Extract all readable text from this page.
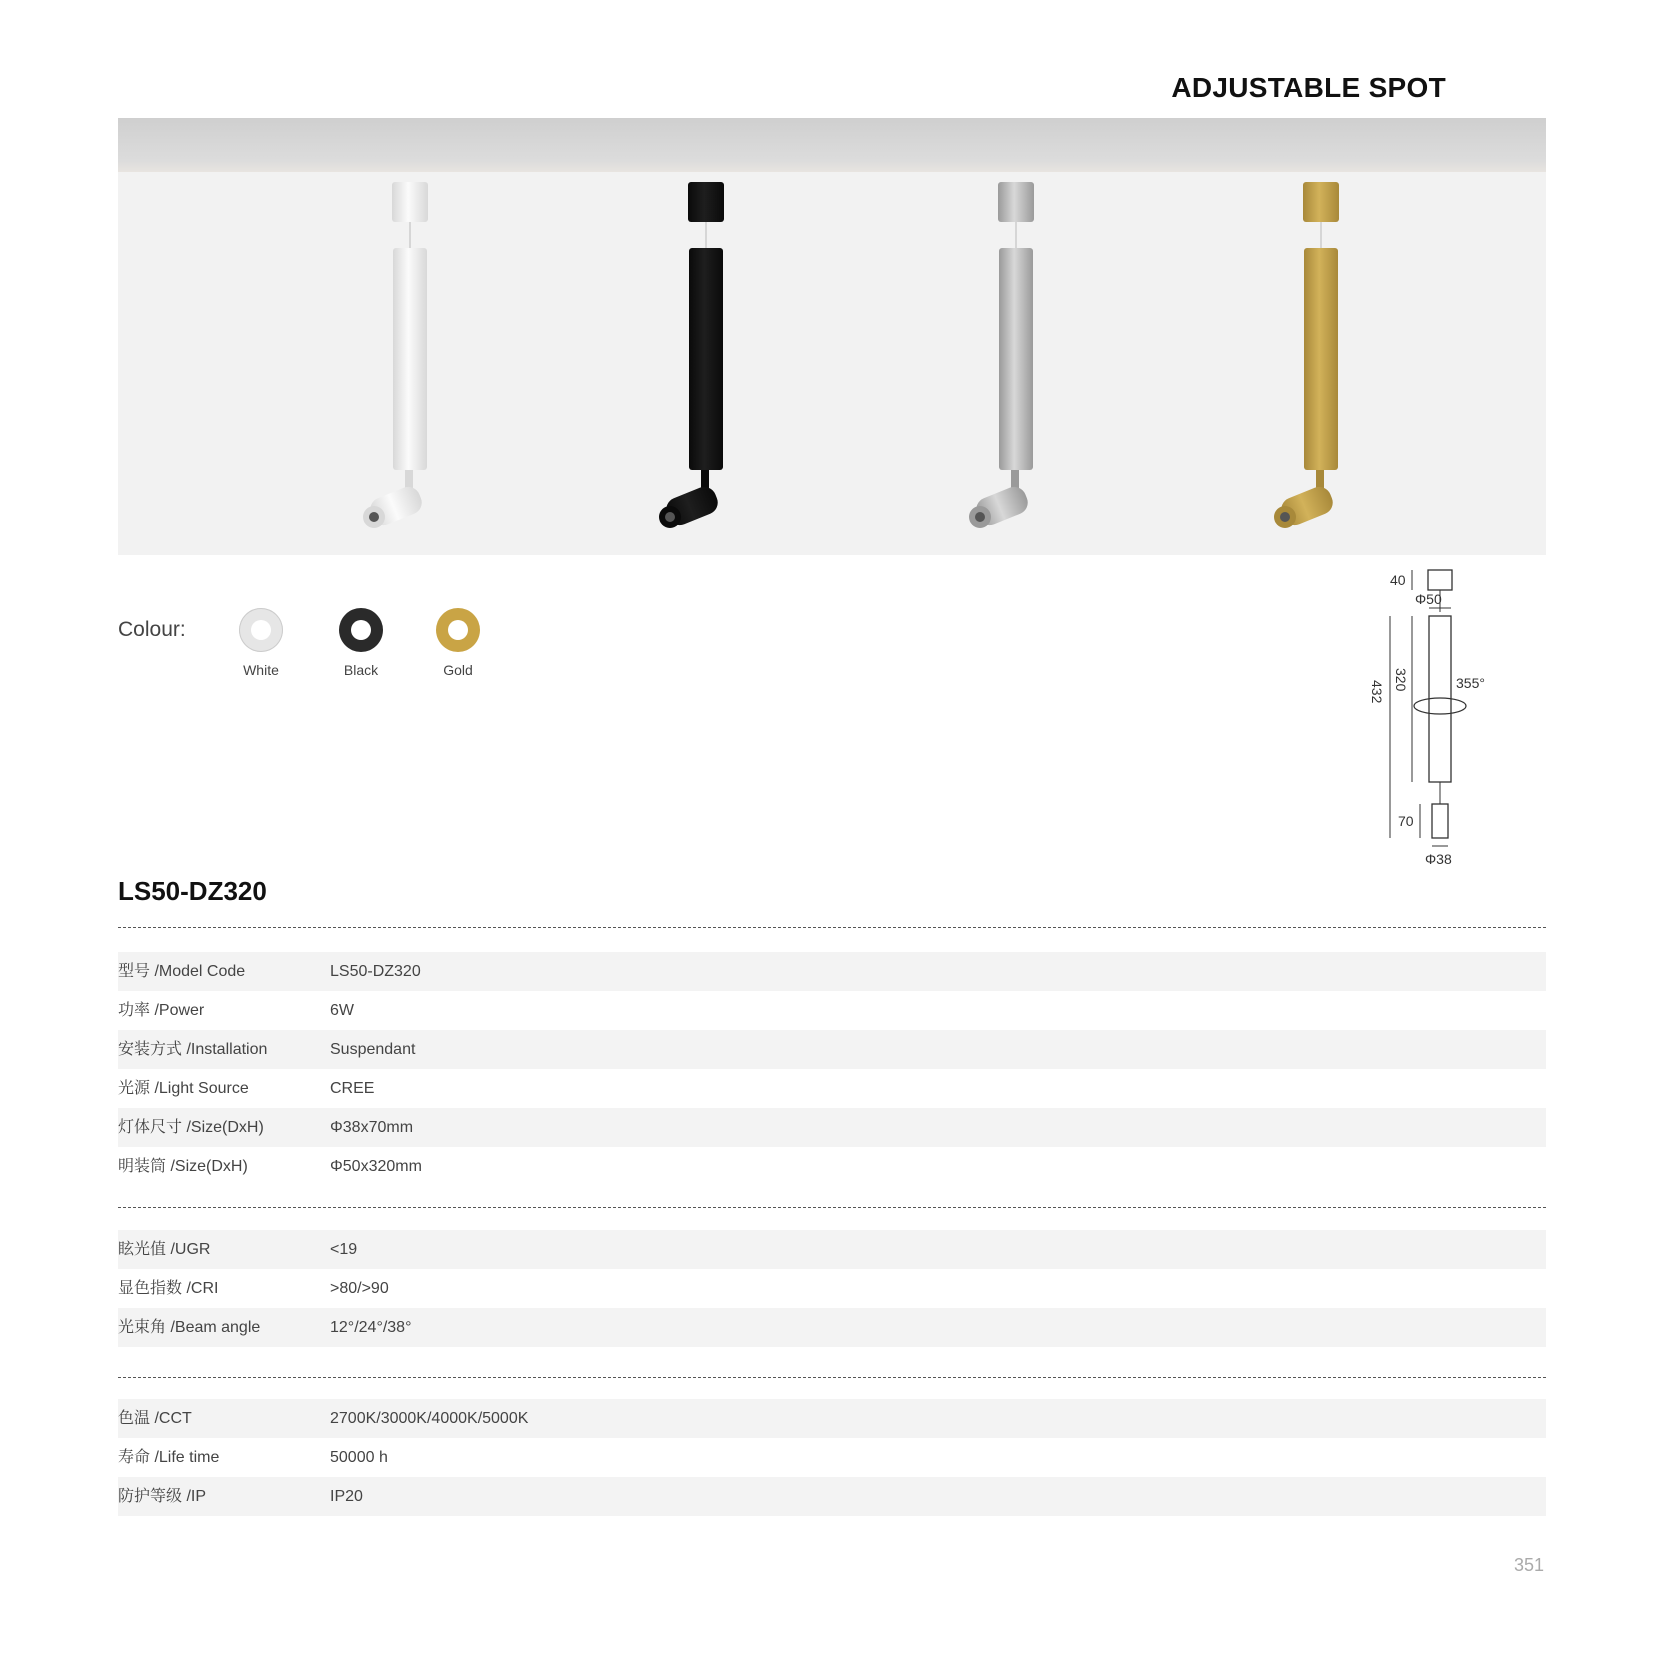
ADJUSTABLE SPOT
Colour:
White	Black	Gold
40
Φ50
432
320	355°
70
Φ38
LS50-DZ320
型号 /Model Code	LS50-DZ320
功率 /Power	6W
安装方式 /Installation	Suspendant
光源 /Light Source	CREE
灯体尺寸 /Size(DxH)	Φ38x70mm
明装筒 /Size(DxH)	Φ50x320mm
眩光值 /UGR	<19
显色指数 /CRI	>80/>90
光束角 /Beam angle	12°/24°/38°
色温 /CCT	2700K/3000K/4000K/5000K
寿命 /Life time	50000 h
防护等级 /IP	IP20
351
